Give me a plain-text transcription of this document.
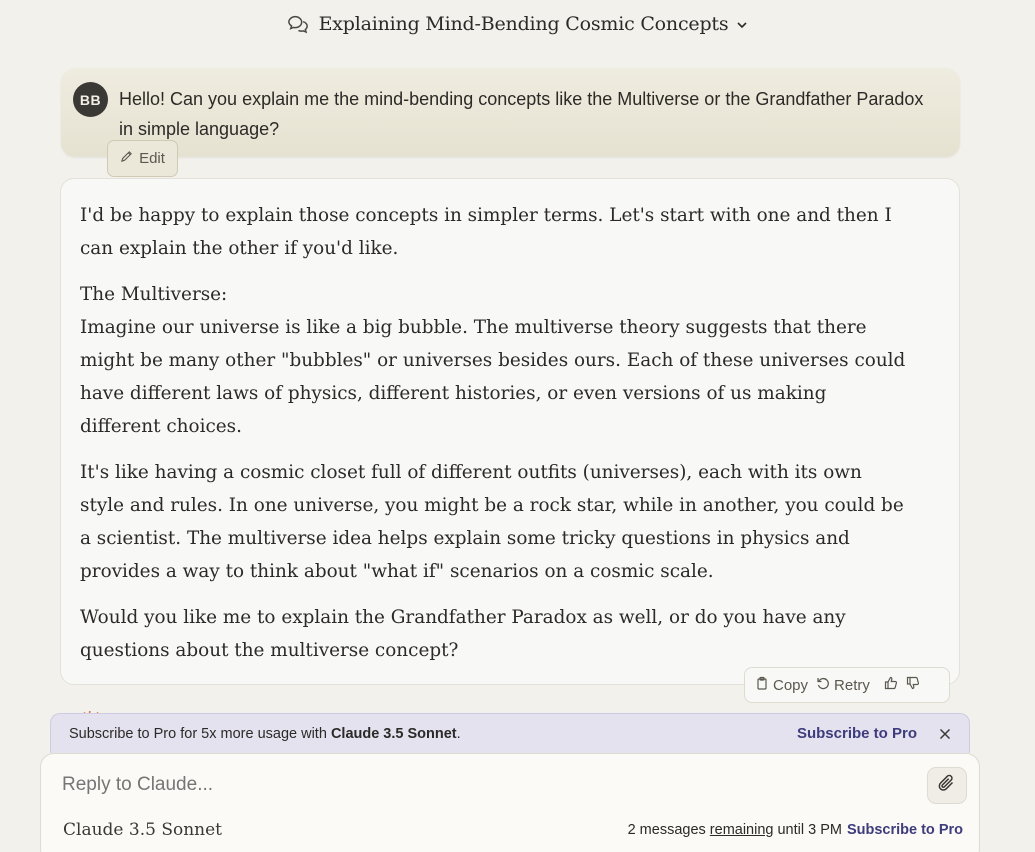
Explaining Mind-Bending Cosmic Concepts
BB Hello! Can you explain me the mind-bending concepts like the Multiverse or the Grandfather Paradox in simple language?
Edit

I'd be happy to explain those concepts in simpler terms. Let's start with one and then I can explain the other if you'd like.

The Multiverse:

Imagine our universe is like a big bubble. The multiverse theory suggests that there might be many other "bubbles" or universes besides ours. Each of these universes could have different laws of physics, different histories, or even versions of us making different choices.

It's like having a cosmic closet full of different outfits (universes), each with its own style and rules. In one universe, you might be a rock star, while in another, you could be a scientist. The multiverse idea helps explain some tricky questions in physics and provides a way to think about "what if" scenarios on a cosmic scale.

Would you like me to explain the Grandfather Paradox as well, or do you have any questions about the multiverse concept?

Copy Retry
Subscribe to Pro for 5x more usage with Claude 3.5 Sonnet.	Subscribe to Pro
Reply to Claude...
Claude 3.5 Sonnet	2 messages remaining until 3 PM Subscribe to Pro
